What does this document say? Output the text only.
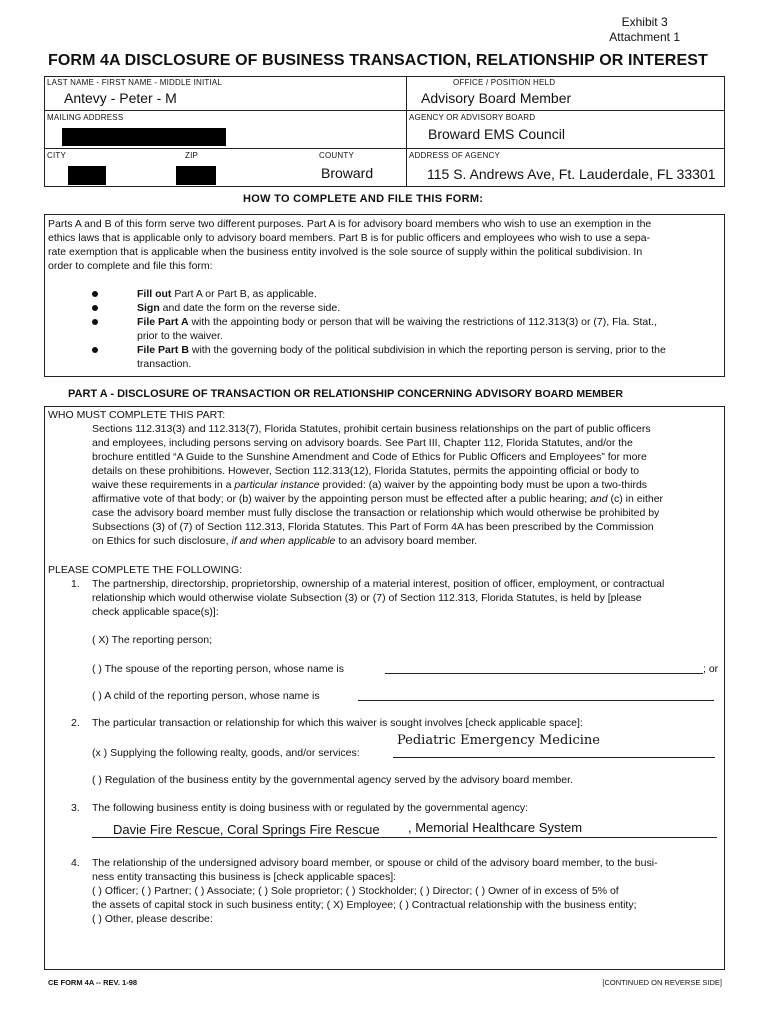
Exhibit 3
Attachment 1
FORM 4A DISCLOSURE OF BUSINESS TRANSACTION, RELATIONSHIP OR INTEREST
LAST NAME - FIRST NAME - MIDDLE INITIAL
Antevy - Peter - M
OFFICE / POSITION HELD
Advisory Board Member
MAILING ADDRESS	AGENCY OR ADVISORY BOARD
Broward EMS Council
CITY	ZIP	COUNTY
Broward
ADDRESS OF AGENCY
115 S. Andrews Ave, Ft. Lauderdale, FL 33301
HOW TO COMPLETE AND FILE THIS FORM:
Parts A and B of this form serve two different purposes. Part A is for advisory board members who wish to use an exemption in the
ethics laws that is applicable only to advisory board members. Part B is for public officers and employees who wish to use a sepa-
rate exemption that is applicable when the business entity involved is the sole source of supply within the political subdivision. In
order to complete and file this form:
Fill out Part A or Part B, as applicable.
Sign and date the form on the reverse side.
File Part A with the appointing body or person that will be waiving the restrictions of 112.313(3) or (7), Fla. Stat.,
prior to the waiver.
File Part B with the governing body of the political subdivision in which the reporting person is serving, prior to the
transaction.
PART A - DISCLOSURE OF TRANSACTION OR RELATIONSHIP CONCERNING ADVISORY BOARD MEMBER
WHO MUST COMPLETE THIS PART:
Sections 112.313(3) and 112.313(7), Florida Statutes, prohibit certain business relationships on the part of public officers
and employees, including persons serving on advisory boards. See Part III, Chapter 112, Florida Statutes, and/or the
brochure entitled “A Guide to the Sunshine Amendment and Code of Ethics for Public Officers and Employees” for more
details on these prohibitions. However, Section 112.313(12), Florida Statutes, permits the appointing official or body to
waive these requirements in a particular instance provided: (a) waiver by the appointing body must be upon a two-thirds
affirmative vote of that body; or (b) waiver by the appointing person must be effected after a public hearing; and (c) in either
case the advisory board member must fully disclose the transaction or relationship which would otherwise be prohibited by
Subsections (3) of (7) of Section 112.313, Florida Statutes. This Part of Form 4A has been prescribed by the Commission
on Ethics for such disclosure, if and when applicable to an advisory board member.
PLEASE COMPLETE THE FOLLOWING:
1. The partnership, directorship, proprietorship, ownership of a material interest, position of officer, employment, or contractual
relationship which would otherwise violate Subsection (3) or (7) of Section 112.313, Florida Statutes, is held by [please
check applicable space(s)]:
( X) The reporting person;
( ) The spouse of the reporting person, whose name is	; or
( ) A child of the reporting person, whose name is
2. The particular transaction or relationship for which this waiver is sought involves [check applicable space]:
(x ) Supplying the following realty, goods, and/or services:
Pediatric Emergency Medicine
( ) Regulation of the business entity by the governmental agency served by the advisory board member.
3. The following business entity is doing business with or regulated by the governmental agency:
Davie Fire Rescue, Coral Springs Fire Rescue , Memorial Healthcare System
4. The relationship of the undersigned advisory board member, or spouse or child of the advisory board member, to the busi-
ness entity transacting this business is [check applicable spaces]:
( ) Officer; ( ) Partner; ( ) Associate; ( ) Sole proprietor; ( ) Stockholder; ( ) Director; ( ) Owner of in excess of 5% of
the assets of capital stock in such business entity; ( X) Employee; ( ) Contractual relationship with the business entity;
( ) Other, please describe:
CE FORM 4A -- REV. 1-98	[CONTINUED ON REVERSE SIDE]
